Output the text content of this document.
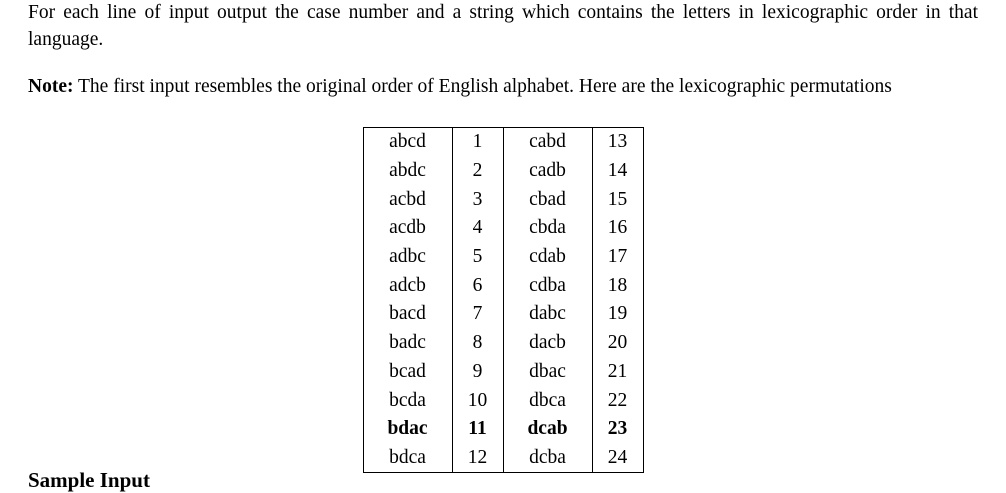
For each line of input output the case number and a string which contains the letters in lexicographic order in that language.

Note: The first input resembles the original order of English alphabet. Here are the lexicographic permutations

abcd	1	cabd	13
abdc	2	cadb	14
acbd	3	cbad	15
acdb	4	cbda	16
adbc	5	cdab	17
adcb	6	cdba	18
bacd	7	dabc	19
badc	8	dacb	20
bcad	9	dbac	21
bcda	10	dbca	22
bdac	11	dcab	23
bdca	12	dcba	24
Sample Input
